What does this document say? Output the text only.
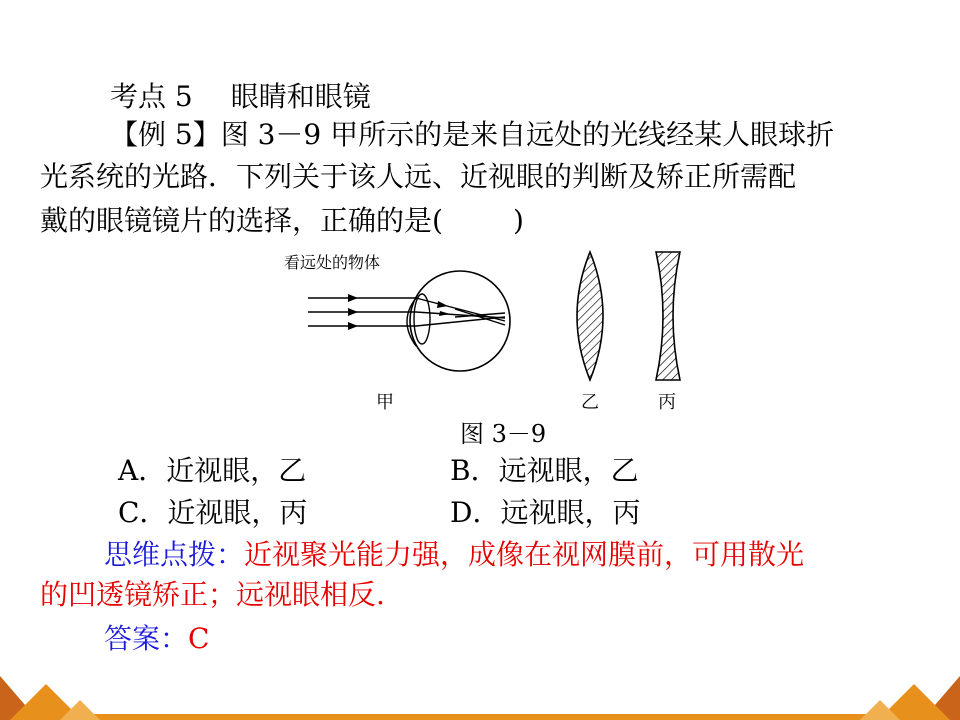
考点 5 眼睛和眼镜
【例 5】图 3－9 甲所示的是来自远处的光线经某人眼球折
光系统的光路．下列关于该人远、近视眼的判断及矫正所需配
戴的眼镜镜片的选择，正确的是(	)
看远处的物体
甲	乙	丙
图 3－9
A．近视眼，乙	B．远视眼，乙
C．近视眼，丙	D．远视眼，丙
思维点拨：近视聚光能力强，成像在视网膜前，可用散光
的凹透镜矫正；远视眼相反.
答案：C
